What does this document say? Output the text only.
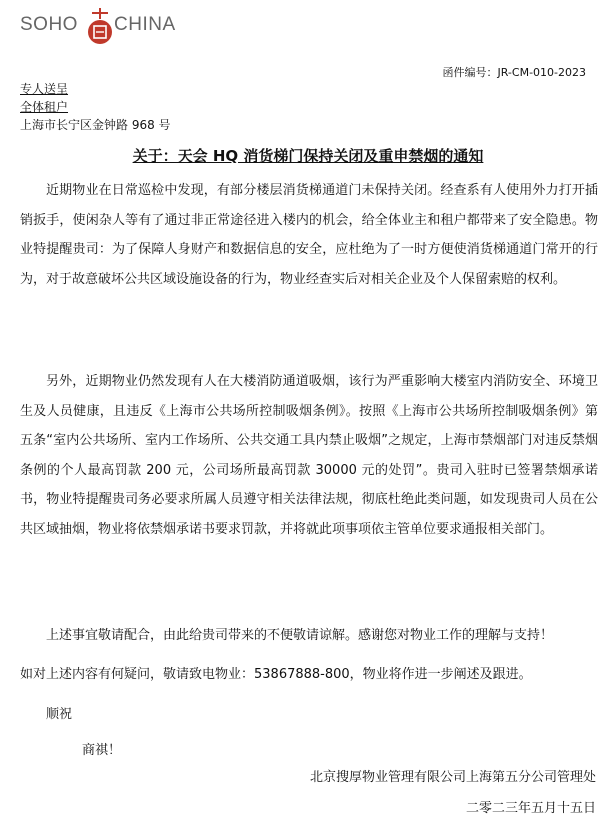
SOHO CHINA
函件编号：JR-CM-010-2023
专人送呈
全体租户
上海市长宁区金钟路 968 号
关于：天会 HQ 消货梯门保持关闭及重申禁烟的通知

近期物业在日常巡检中发现，有部分楼层消货梯通道门未保持关闭。经查系有人使用外力打开插销扳手，使闲杂人等有了通过非正常途径进入楼内的机会，给全体业主和租户都带来了安全隐患。物业特提醒贵司：为了保障人身财产和数据信息的安全，应杜绝为了一时方便使消货梯通道门常开的行为，对于故意破坏公共区域设施设备的行为，物业经查实后对相关企业及个人保留索赔的权利。

另外，近期物业仍然发现有人在大楼消防通道吸烟，该行为严重影响大楼室内消防安全、环境卫生及人员健康，且违反《上海市公共场所控制吸烟条例》。按照《上海市公共场所控制吸烟条例》第五条“室内公共场所、室内工作场所、公共交通工具内禁止吸烟”之规定，上海市禁烟部门对违反禁烟条例的个人最高罚款 200 元，公司场所最高罚款 30000 元的处罚”。贵司入驻时已签署禁烟承诺书，物业特提醒贵司务必要求所属人员遵守相关法律法规，彻底杜绝此类问题，如发现贵司人员在公共区域抽烟，物业将依禁烟承诺书要求罚款，并将就此项事项依主管单位要求通报相关部门。

上述事宜敬请配合，由此给贵司带来的不便敬请谅解。感谢您对物业工作的理解与支持！

如对上述内容有何疑问，敬请致电物业：53867888-800，物业将作进一步阐述及跟进。

顺祝
商祺！
北京搜厚物业管理有限公司上海第五分公司管理处
二零二三年五月十五日
